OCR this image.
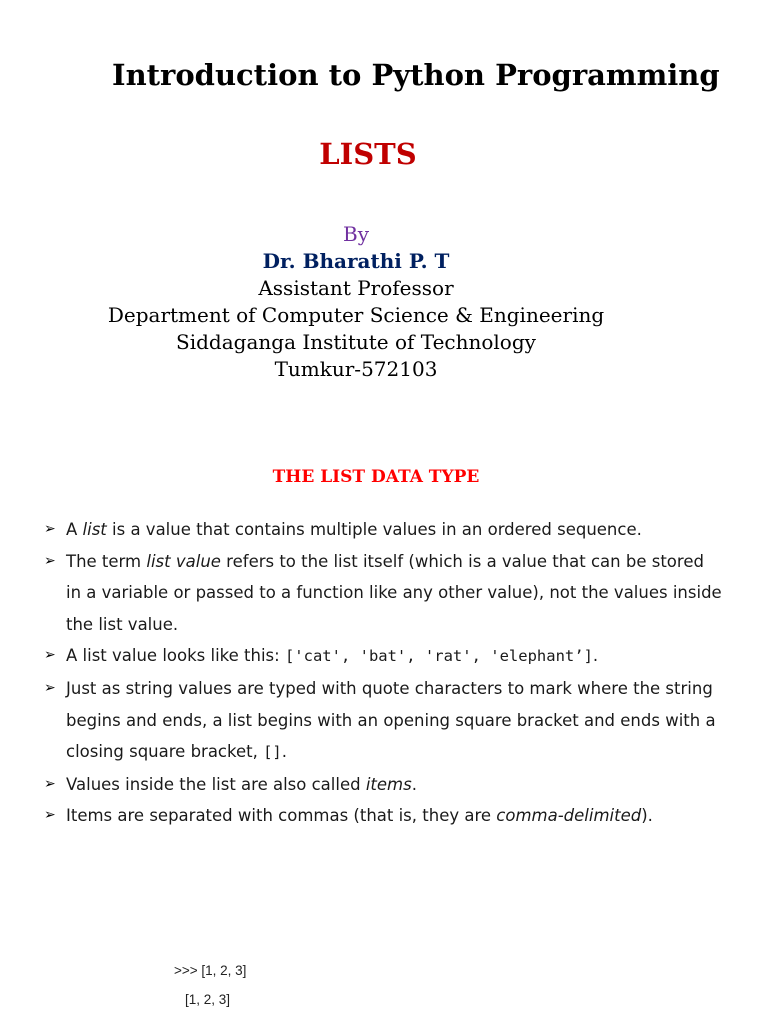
Introduction to Python Programming
LISTS
By
Dr. Bharathi P. T
Assistant Professor
Department of Computer Science & Engineering
Siddaganga Institute of Technology
Tumkur-572103
THE LIST DATA TYPE
➢ A list is a value that contains multiple values in an ordered sequence.
➢ The term list value refers to the list itself (which is a value that can be stored in a variable or passed to a function like any other value), not the values inside the list value.
➢ A list value looks like this: ['cat', 'bat', 'rat', 'elephant’].
➢ Just as string values are typed with quote characters to mark where the string begins and ends, a list begins with an opening square bracket and ends with a closing square bracket, [].
➢ Values inside the list are also called items.
➢ Items are separated with commas (that is, they are comma-delimited).
>>> [1, 2, 3]
[1, 2, 3]
